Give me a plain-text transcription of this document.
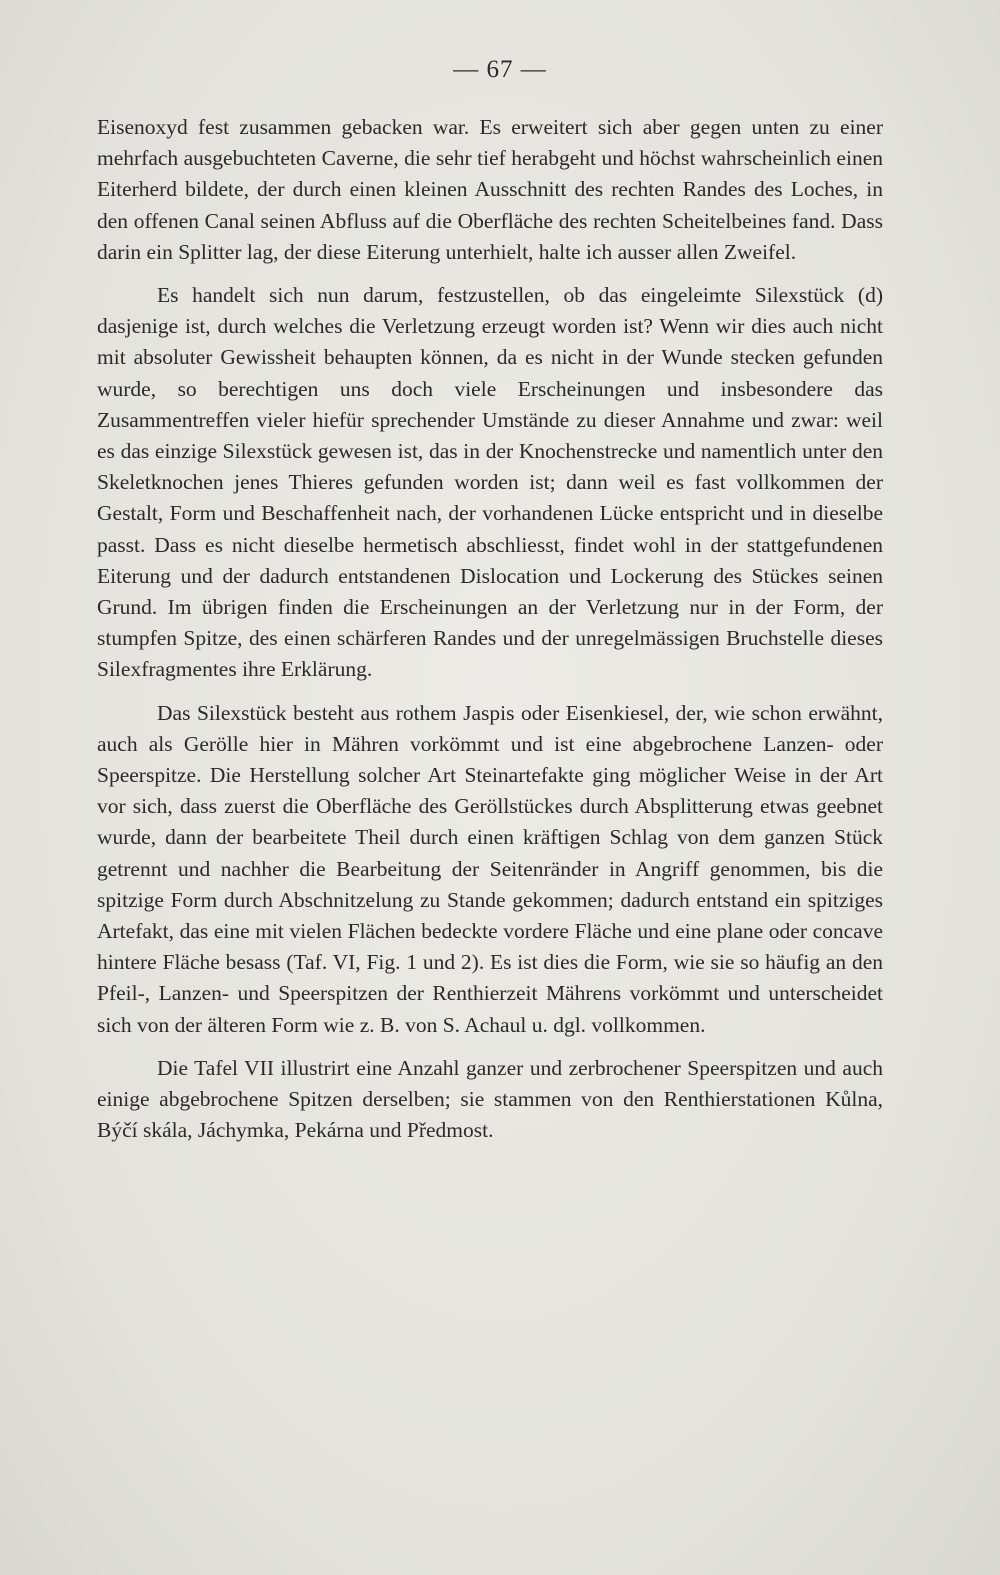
— 67 —

Eisenoxyd fest zusammen gebacken war. Es erweitert sich aber gegen unten zu einer mehrfach ausgebuchteten Caverne, die sehr tief herabgeht und höchst wahrscheinlich einen Eiterherd bildete, der durch einen kleinen Ausschnitt des rechten Randes des Loches, in den offenen Canal seinen Abfluss auf die Oberfläche des rechten Scheitelbeines fand. Dass darin ein Splitter lag, der diese Eiterung unterhielt, halte ich ausser allen Zweifel.

Es handelt sich nun darum, festzustellen, ob das eingeleimte Silexstück (d) dasjenige ist, durch welches die Verletzung erzeugt worden ist? Wenn wir dies auch nicht mit absoluter Gewissheit behaupten können, da es nicht in der Wunde stecken gefunden wurde, so berechtigen uns doch viele Erscheinungen und insbesondere das Zusammentreffen vieler hiefür sprechender Umstände zu dieser Annahme und zwar: weil es das einzige Silexstück gewesen ist, das in der Knochenstrecke und namentlich unter den Skeletknochen jenes Thieres gefunden worden ist; dann weil es fast vollkommen der Gestalt, Form und Beschaffenheit nach, der vorhandenen Lücke entspricht und in dieselbe passt. Dass es nicht dieselbe hermetisch abschliesst, findet wohl in der stattgefundenen Eiterung und der dadurch entstandenen Dislocation und Lockerung des Stückes seinen Grund. Im übrigen finden die Erscheinungen an der Verletzung nur in der Form, der stumpfen Spitze, des einen schärferen Randes und der unregelmässigen Bruchstelle dieses Silexfragmentes ihre Erklärung.

Das Silexstück besteht aus rothem Jaspis oder Eisenkiesel, der, wie schon erwähnt, auch als Gerölle hier in Mähren vorkömmt und ist eine abgebrochene Lanzen- oder Speerspitze. Die Herstellung solcher Art Steinartefakte ging möglicher Weise in der Art vor sich, dass zuerst die Oberfläche des Geröllstückes durch Absplitterung etwas geebnet wurde, dann der bearbeitete Theil durch einen kräftigen Schlag von dem ganzen Stück getrennt und nachher die Bearbeitung der Seitenränder in Angriff genommen, bis die spitzige Form durch Abschnitzelung zu Stande gekommen; dadurch entstand ein spitziges Artefakt, das eine mit vielen Flächen bedeckte vordere Fläche und eine plane oder concave hintere Fläche besass (Taf. VI, Fig. 1 und 2). Es ist dies die Form, wie sie so häufig an den Pfeil-, Lanzen- und Speerspitzen der Renthierzeit Mährens vorkömmt und unterscheidet sich von der älteren Form wie z. B. von S. Achaul u. dgl. vollkommen.

Die Tafel VII illustrirt eine Anzahl ganzer und zerbrochener Speerspitzen und auch einige abgebrochene Spitzen derselben; sie stammen von den Renthierstationen Kůlna, Býčí skála, Jáchymka, Pekárna und Předmost.
